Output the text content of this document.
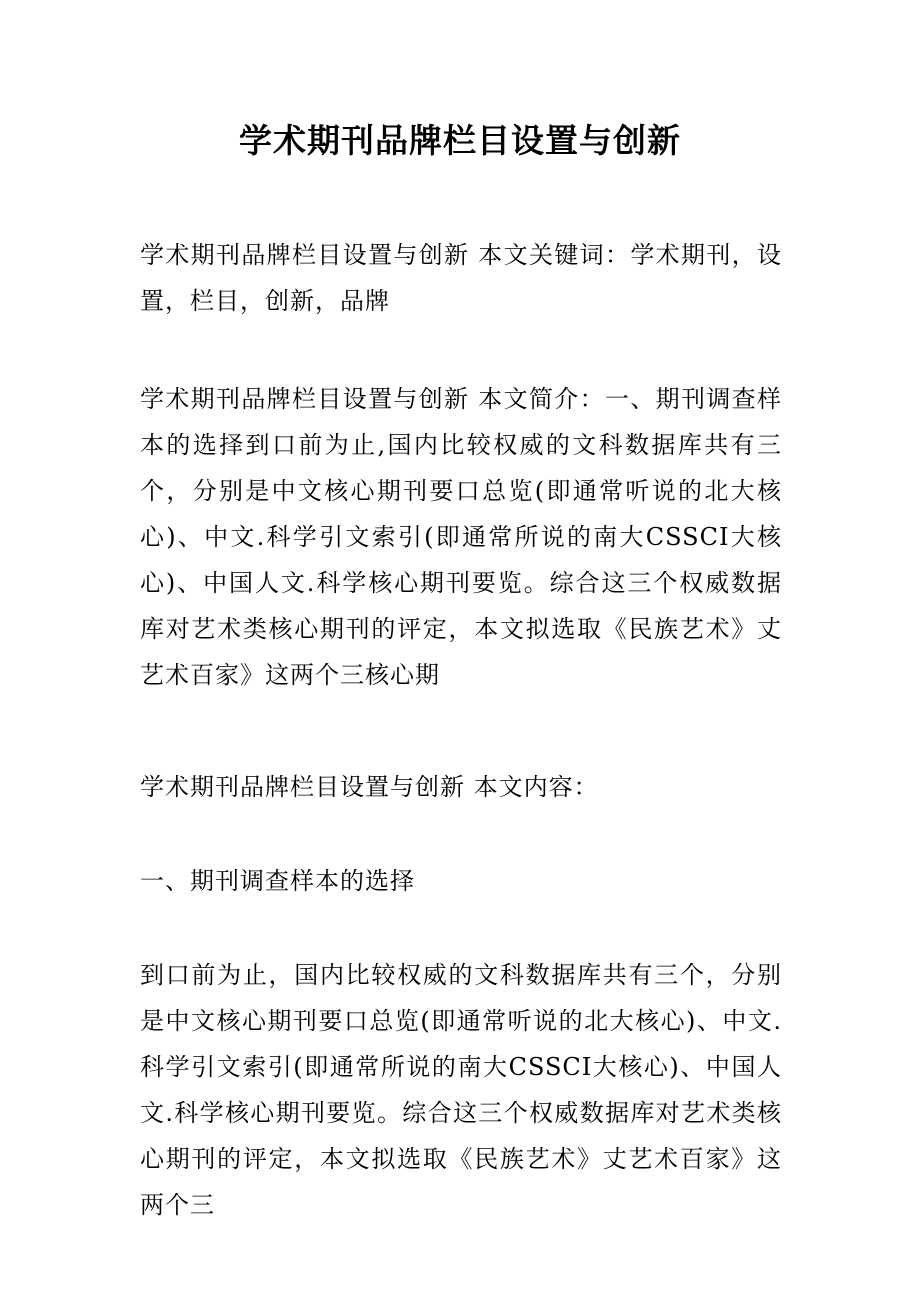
学术期刊品牌栏目设置与创新

学术期刊品牌栏目设置与创新 本文关键词：学术期刊，设置，栏目，创新，品牌

学术期刊品牌栏目设置与创新 本文简介：一、期刊调查样本的选择到口前为止,国内比较权威的文科数据库共有三个，分别是中文核心期刊要口总览(即通常听说的北大核心)、中文.科学引文索引(即通常所说的南大CSSCI大核心)、中国人文.科学核心期刊要览。综合这三个权威数据库对艺术类核心期刊的评定，本文拟选取《民族艺术》丈艺术百家》这两个三核心期

学术期刊品牌栏目设置与创新 本文内容：

一、期刊调查样本的选择

到口前为止，国内比较权威的文科数据库共有三个，分别是中文核心期刊要口总览(即通常听说的北大核心)、中文.科学引文索引(即通常所说的南大CSSCI大核心)、中国人文.科学核心期刊要览。综合这三个权威数据库对艺术类核心期刊的评定，本文拟选取《民族艺术》丈艺术百家》这两个三
